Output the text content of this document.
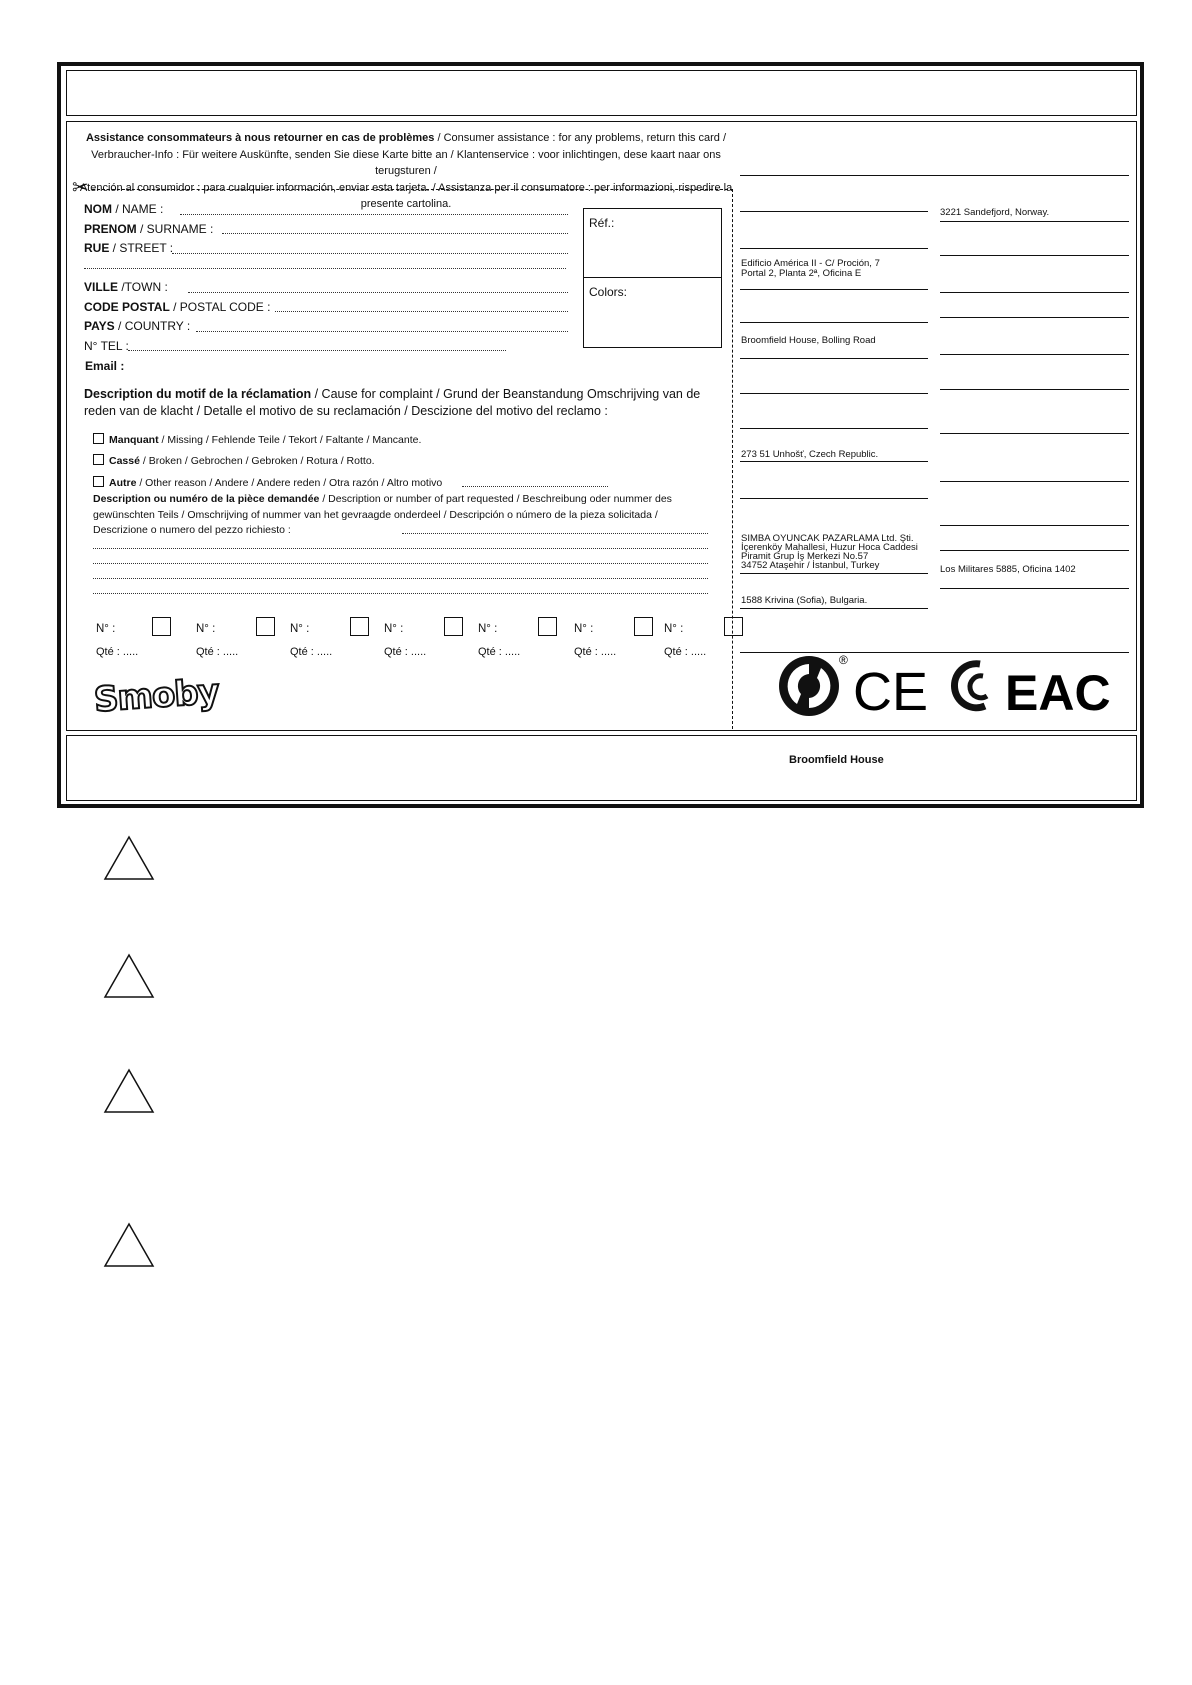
Broomfield House
Assistance consommateurs à nous retourner en cas de problèmes / Consumer assistance : for any problems, return this card /
Verbraucher-Info : Für weitere Auskünfte, senden Sie diese Karte bitte an / Klantenservice : voor inlichtingen, dese kaart naar ons terugsturen /
Atención al consumidor : para cualquier información, enviar esta tarjeta. / Assistanza per il consumatore : per informazioni, rispedire la presente cartolina.
✂
NOM / NAME :
PRENOM / SURNAME :
RUE / STREET :
VILLE /TOWN :
CODE POSTAL / POSTAL CODE :
PAYS / COUNTRY :
N° TEL :
Email :
Réf.:
Colors:
Description du motif de la réclamation / Cause for complaint / Grund der Beanstandung Omschrijving van de reden van de klacht / Detalle el motivo de su reclamación / Descizione del motivo del reclamo :
Manquant / Missing / Fehlende Teile / Tekort / Faltante / Mancante.
Cassé / Broken / Gebrochen / Gebroken / Rotura / Rotto.
Autre / Other reason / Andere / Andere reden / Otra razón / Altro motivo
Description ou numéro de la pièce demandée / Description or number of part requested / Beschreibung oder nummer des gewünschten Teils / Omschrijving of nummer van het gevraagde onderdeel / Descripción o número de la pieza solicitada / Descrizione o numero del pezzo richiesto :
N° :
Qté : .....
N° :
Qté : .....
N° :
Qté : .....
N° :
Qté : .....
N° :
Qté : .....
N° :
Qté : .....
N° :
Qté : .....
Smoby
3221 Sandefjord, Norway.
Edificio América II - C/ Proción, 7
Portal 2, Planta 2ª, Oficina E
Broomfield House, Bolling Road
273 51 Unhošť, Czech Republic.
SIMBA OYUNCAK PAZARLAMA Ltd. Şti.
İçerenköy Mahallesi, Huzur Hoca Caddesi
Piramit Grup İş Merkezi No.57
34752 Ataşehir / İstanbul, Turkey	Los Militares 5885, Oficina 1402
1588 Krivina (Sofia), Bulgaria.
®
CE EAC
